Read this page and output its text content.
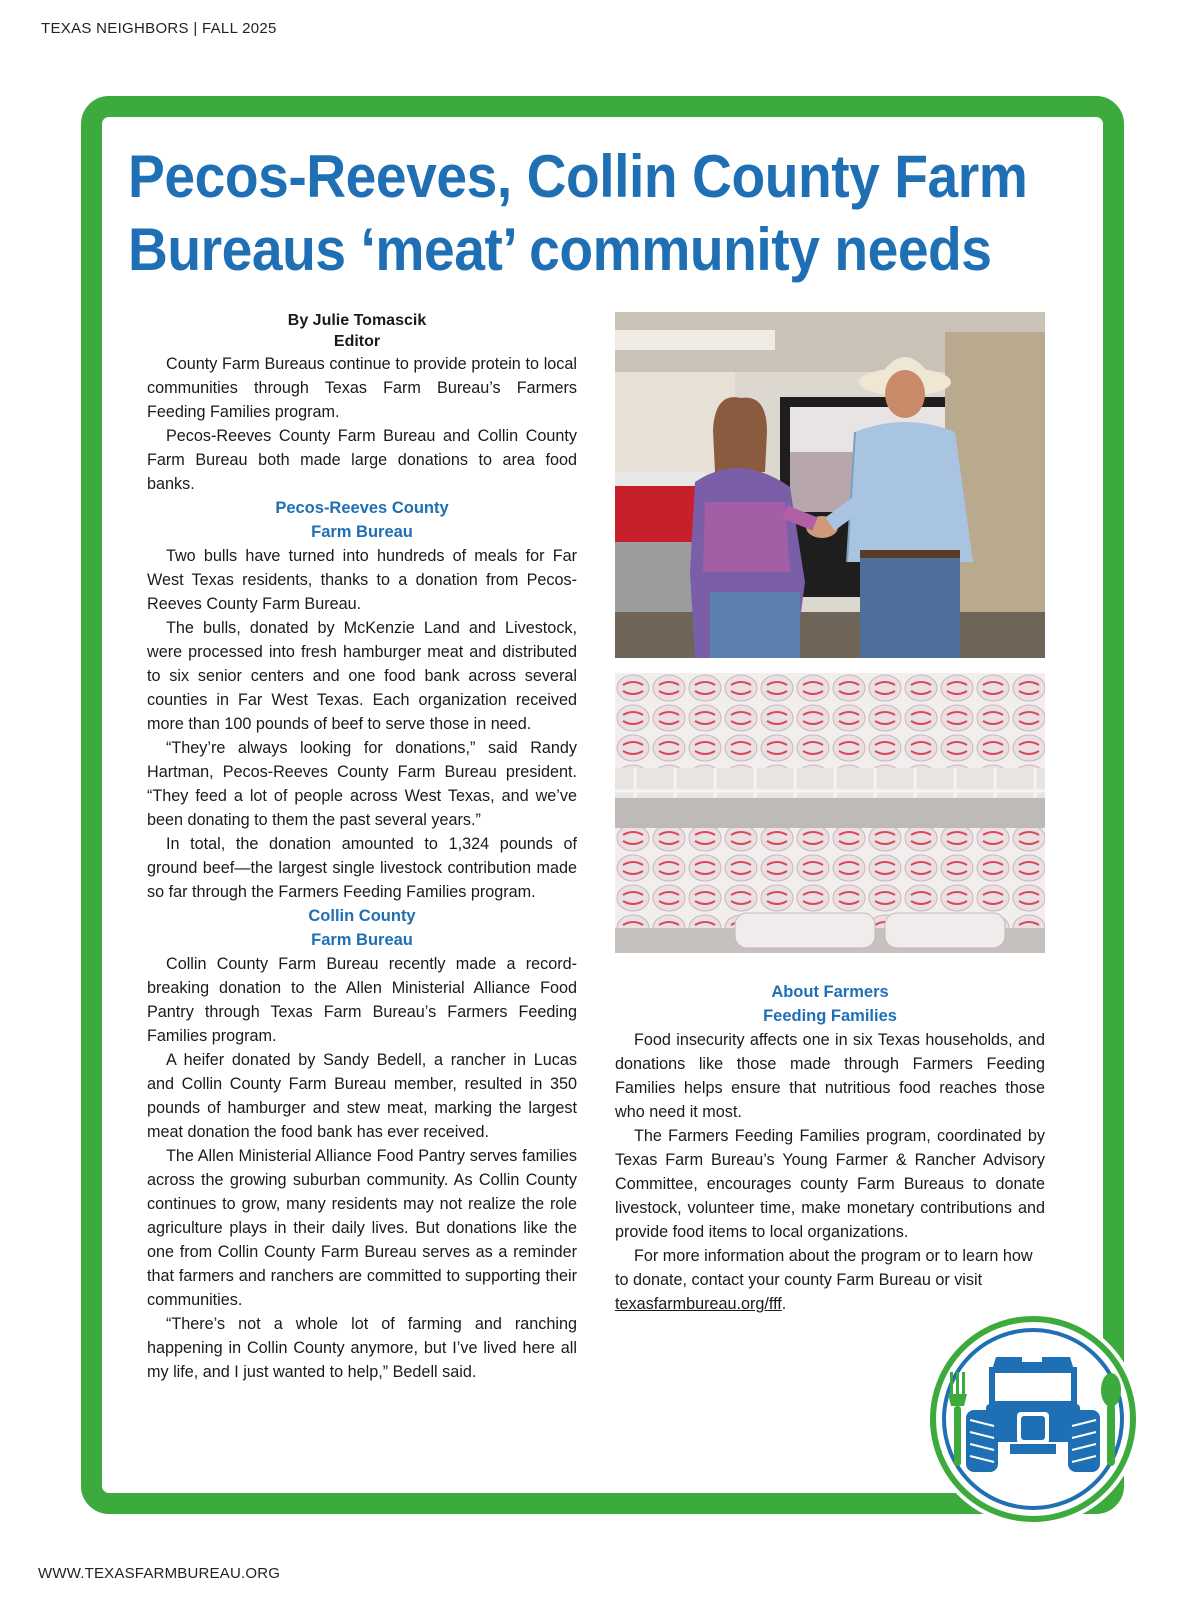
TEXAS NEIGHBORS | FALL 2025
Pecos-Reeves, Collin County Farm
Bureaus ‘meat’ community needs
By Julie Tomascik
Editor

County Farm Bureaus continue to provide protein to local communities through Texas Farm Bureau’s Farmers Feeding Families program.

Pecos-Reeves County Farm Bureau and Collin County Farm Bureau both made large donations to area food banks.

Pecos-Reeves County
Farm Bureau

Two bulls have turned into hundreds of meals for Far West Texas residents, thanks to a donation from Pecos-Reeves County Farm Bureau.

The bulls, donated by McKenzie Land and Livestock, were processed into fresh hamburger meat and distributed to six senior centers and one food bank across several counties in Far West Texas. Each organization received more than 100 pounds of beef to serve those in need.

“They’re always looking for donations,” said Randy Hartman, Pecos-Reeves County Farm Bureau president. “They feed a lot of people across West Texas, and we’ve been donating to them the past several years.”

In total, the donation amounted to 1,324 pounds of ground beef—the largest single livestock contribution made so far through the Farmers Feeding Families program.

Collin County
Farm Bureau

Collin County Farm Bureau recently made a record-breaking donation to the Allen Ministerial Alliance Food Pantry through Texas Farm Bureau’s Farmers Feeding Families program.

A heifer donated by Sandy Bedell, a rancher in Lucas and Collin County Farm Bureau member, resulted in 350 pounds of hamburger and stew meat, marking the largest meat donation the food bank has ever received.

The Allen Ministerial Alliance Food Pantry serves families across the growing suburban community. As Collin County continues to grow, many residents may not realize the role agriculture plays in their daily lives. But donations like the one from Collin County Farm Bureau serves as a reminder that farmers and ranchers are committed to supporting their communities.

“There’s not a whole lot of farming and ranching happening in Collin County anymore, but I’ve lived here all my life, and I just wanted to help,” Bedell said.

About Farmers
Feeding Families

Food insecurity affects one in six Texas households, and donations like those made through Farmers Feeding Families helps ensure that nutritious food reaches those who need it most.

The Farmers Feeding Families program, coordinated by Texas Farm Bureau’s Young Farmer & Rancher Advisory Committee, encourages county Farm Bureaus to donate livestock, volunteer time, make monetary contributions and provide food items to local organizations.

For more information about the program or to learn how to donate, contact your county Farm Bureau or visit texasfarmbureau.org/fff.

WWW.TEXASFARMBUREAU.ORG
